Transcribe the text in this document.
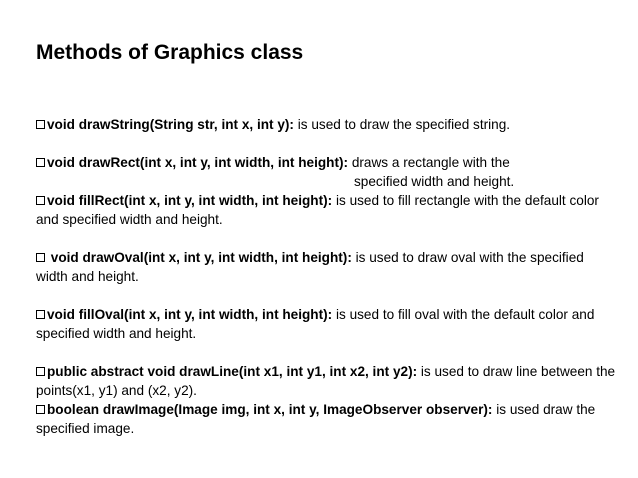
Methods of Graphics class
void drawString(String str, int x, int y): is used to draw the specified string.
void drawRect(int x, int y, int width, int height): draws a rectangle with the
specified width and height.
void fillRect(int x, int y, int width, int height): is used to fill rectangle with the default color and specified width and height.
void drawOval(int x, int y, int width, int height): is used to draw oval with the specified width and height.
void fillOval(int x, int y, int width, int height): is used to fill oval with the default color and specified width and height.
public abstract void drawLine(int x1, int y1, int x2, int y2): is used to draw line between the points(x1, y1) and (x2, y2).
boolean drawImage(Image img, int x, int y, ImageObserver observer): is used draw the specified image.
